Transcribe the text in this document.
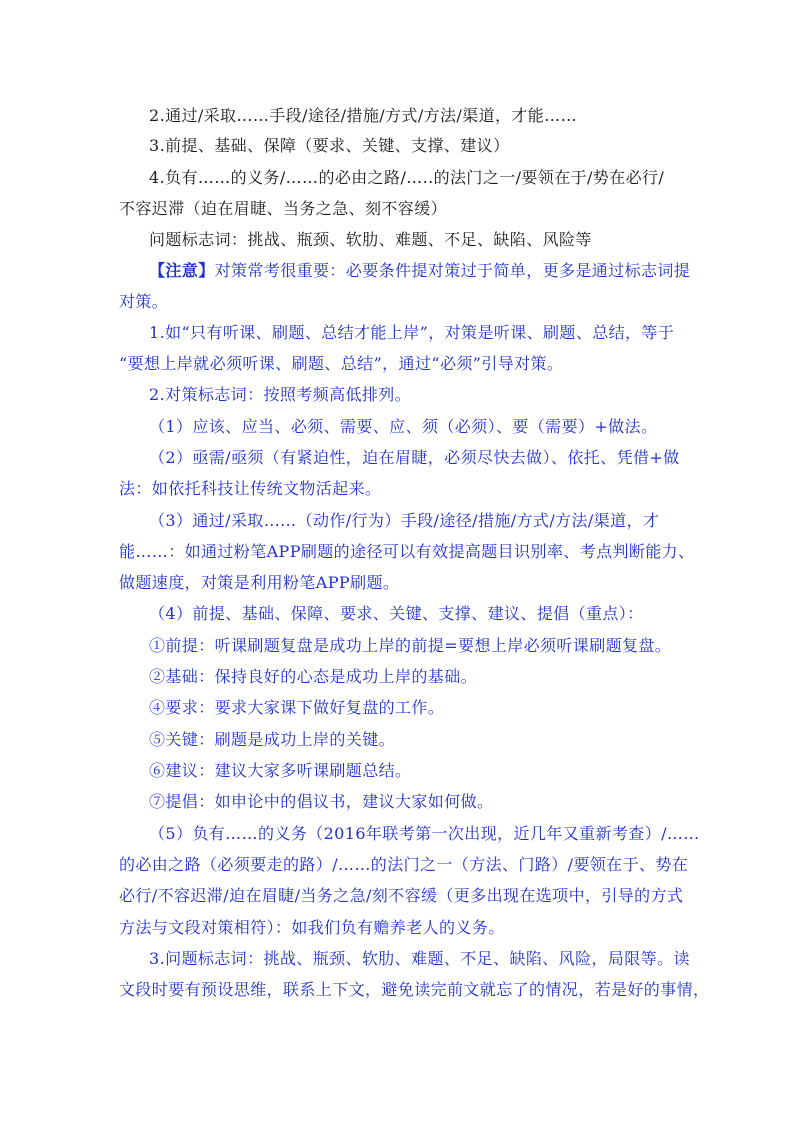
2.通过/采取……手段/途径/措施/方式/方法/渠道，才能……
3.前提、基础、保障（要求、关键、支撑、建议）
4.负有……的义务/……的必由之路/…..的法门之一/要领在于/势在必行/
不容迟滞（迫在眉睫、当务之急、刻不容缓）
问题标志词：挑战、瓶颈、软肋、难题、不足、缺陷、风险等
【注意】对策常考很重要：必要条件提对策过于简单，更多是通过标志词提
对策。
1.如“只有听课、刷题、总结才能上岸”，对策是听课、刷题、总结，等于
“要想上岸就必须听课、刷题、总结”，通过“必须”引导对策。
2.对策标志词：按照考频高低排列。
（1）应该、应当、必须、需要、应、须（必须）、要（需要）+做法。
（2）亟需/亟须（有紧迫性，迫在眉睫，必须尽快去做）、依托、凭借+做
法：如依托科技让传统文物活起来。
（3）通过/采取……（动作/行为）手段/途径/措施/方式/方法/渠道，才
能……：如通过粉笔APP刷题的途径可以有效提高题目识别率、考点判断能力、
做题速度，对策是利用粉笔APP刷题。
（4）前提、基础、保障、要求、关键、支撑、建议、提倡（重点）：
①前提：听课刷题复盘是成功上岸的前提=要想上岸必须听课刷题复盘。
②基础：保持良好的心态是成功上岸的基础。
④要求：要求大家课下做好复盘的工作。
⑤关键：刷题是成功上岸的关键。
⑥建议：建议大家多听课刷题总结。
⑦提倡：如申论中的倡议书，建议大家如何做。
（5）负有……的义务（2016年联考第一次出现，近几年又重新考查）/……
的必由之路（必须要走的路）/……的法门之一（方法、门路）/要领在于、势在
必行/不容迟滞/迫在眉睫/当务之急/刻不容缓（更多出现在选项中，引导的方式
方法与文段对策相符）：如我们负有赡养老人的义务。
3.问题标志词：挑战、瓶颈、软肋、难题、不足、缺陷、风险，局限等。读
文段时要有预设思维，联系上下文，避免读完前文就忘了的情况，若是好的事情，
